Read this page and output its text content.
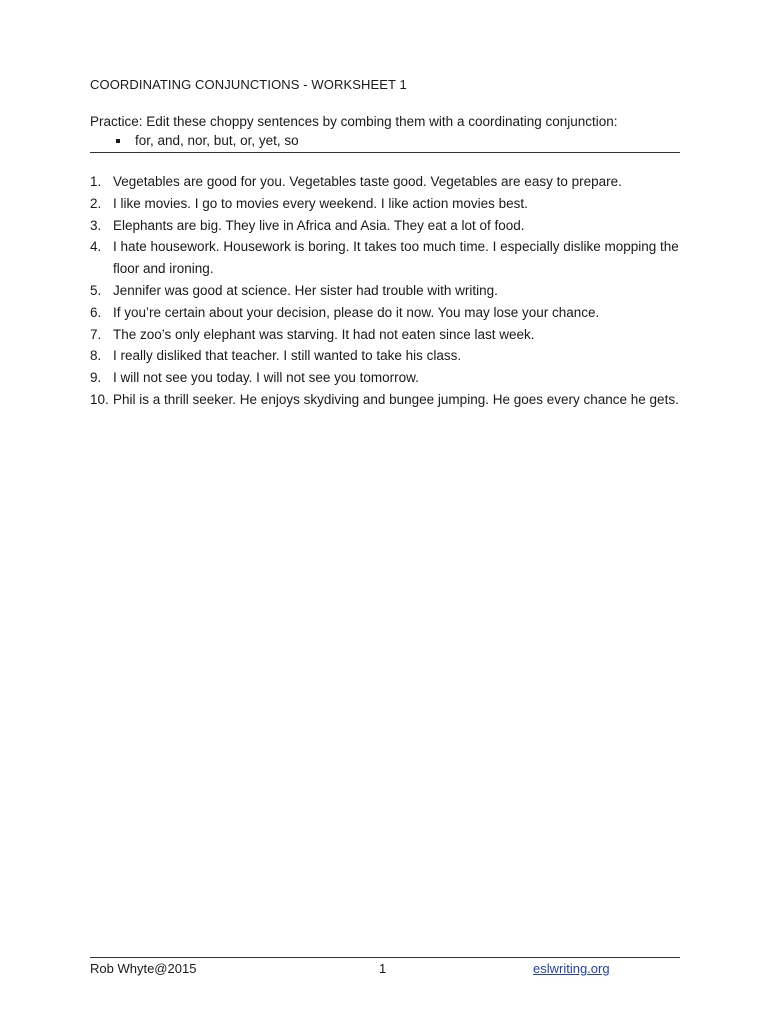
COORDINATING CONJUNCTIONS - WORKSHEET 1
Practice: Edit these choppy sentences by combing them with a coordinating conjunction:
for, and, nor, but, or, yet, so
1. Vegetables are good for you. Vegetables taste good. Vegetables are easy to prepare.
2. I like movies. I go to movies every weekend. I like action movies best.
3. Elephants are big. They live in Africa and Asia. They eat a lot of food.
4. I hate housework. Housework is boring. It takes too much time. I especially dislike mopping the floor and ironing.
5. Jennifer was good at science. Her sister had trouble with writing.
6. If you’re certain about your decision, please do it now. You may lose your chance.
7. The zoo’s only elephant was starving. It had not eaten since last week.
8. I really disliked that teacher. I still wanted to take his class.
9. I will not see you today. I will not see you tomorrow.
10. Phil is a thrill seeker. He enjoys skydiving and bungee jumping. He goes every chance he gets.
Rob Whyte@2015	1	eslwriting.org
